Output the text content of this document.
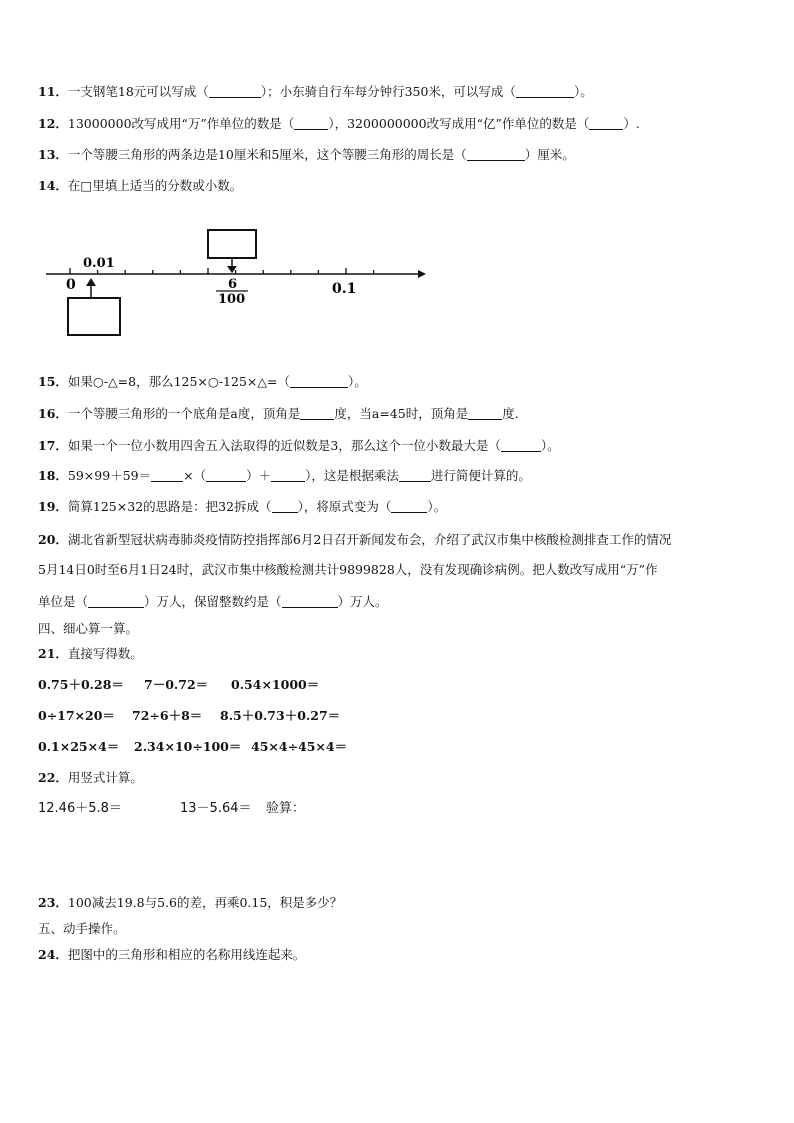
11．一支钢笔18元可以写成（	）；小东骑自行车每分钟行350米，可以写成（	）。
12．13000000改写成用“万”作单位的数是（	），3200000000改写成用“亿”作单位的数是（	）.
13．一个等腰三角形的两条边是10厘米和5厘米，这个等腰三角形的周长是（	）厘米。
14．在□里填上适当的分数或小数。
0
0.01
6
100
0.1
15．如果○-△=8，那么125×○-125×△=（	）。
16．一个等腰三角形的一个底角是a度，顶角是	度，当a=45时，顶角是	度.
17．如果一个一位小数用四舍五入法取得的近似数是3，那么这个一位小数最大是（	）。
18．59×99＋59＝	×（	）＋	），这是根据乘法	进行简便计算的。
19．简算125×32的思路是：把32拆成（ ），将原式变为（	）。
20．湖北省新型冠状病毒肺炎疫情防控指挥部6月2日召开新闻发布会，介绍了武汉市集中核酸检测排查工作的情况
5月14日0时至6月1日24时，武汉市集中核酸检测共计9899828人，没有发现确诊病例。把人数改写成用“万”作
单位是（	）万人，保留整数约是（	）万人。
四、细心算一算。
21．直接写得数。
0.75＋0.28＝ 7－0.72＝ 0.54×1000＝
0÷17×20＝ 72÷6＋8＝ 8.5＋0.73＋0.27＝
0.1×25×4＝ 2.34×10÷100＝ 45×4÷45×4＝
22．用竖式计算。
12.46＋5.8＝	13－5.64＝ 验算：
23．100减去19.8与5.6的差，再乘0.15，积是多少？
五、动手操作。
24．把图中的三角形和相应的名称用线连起来。
